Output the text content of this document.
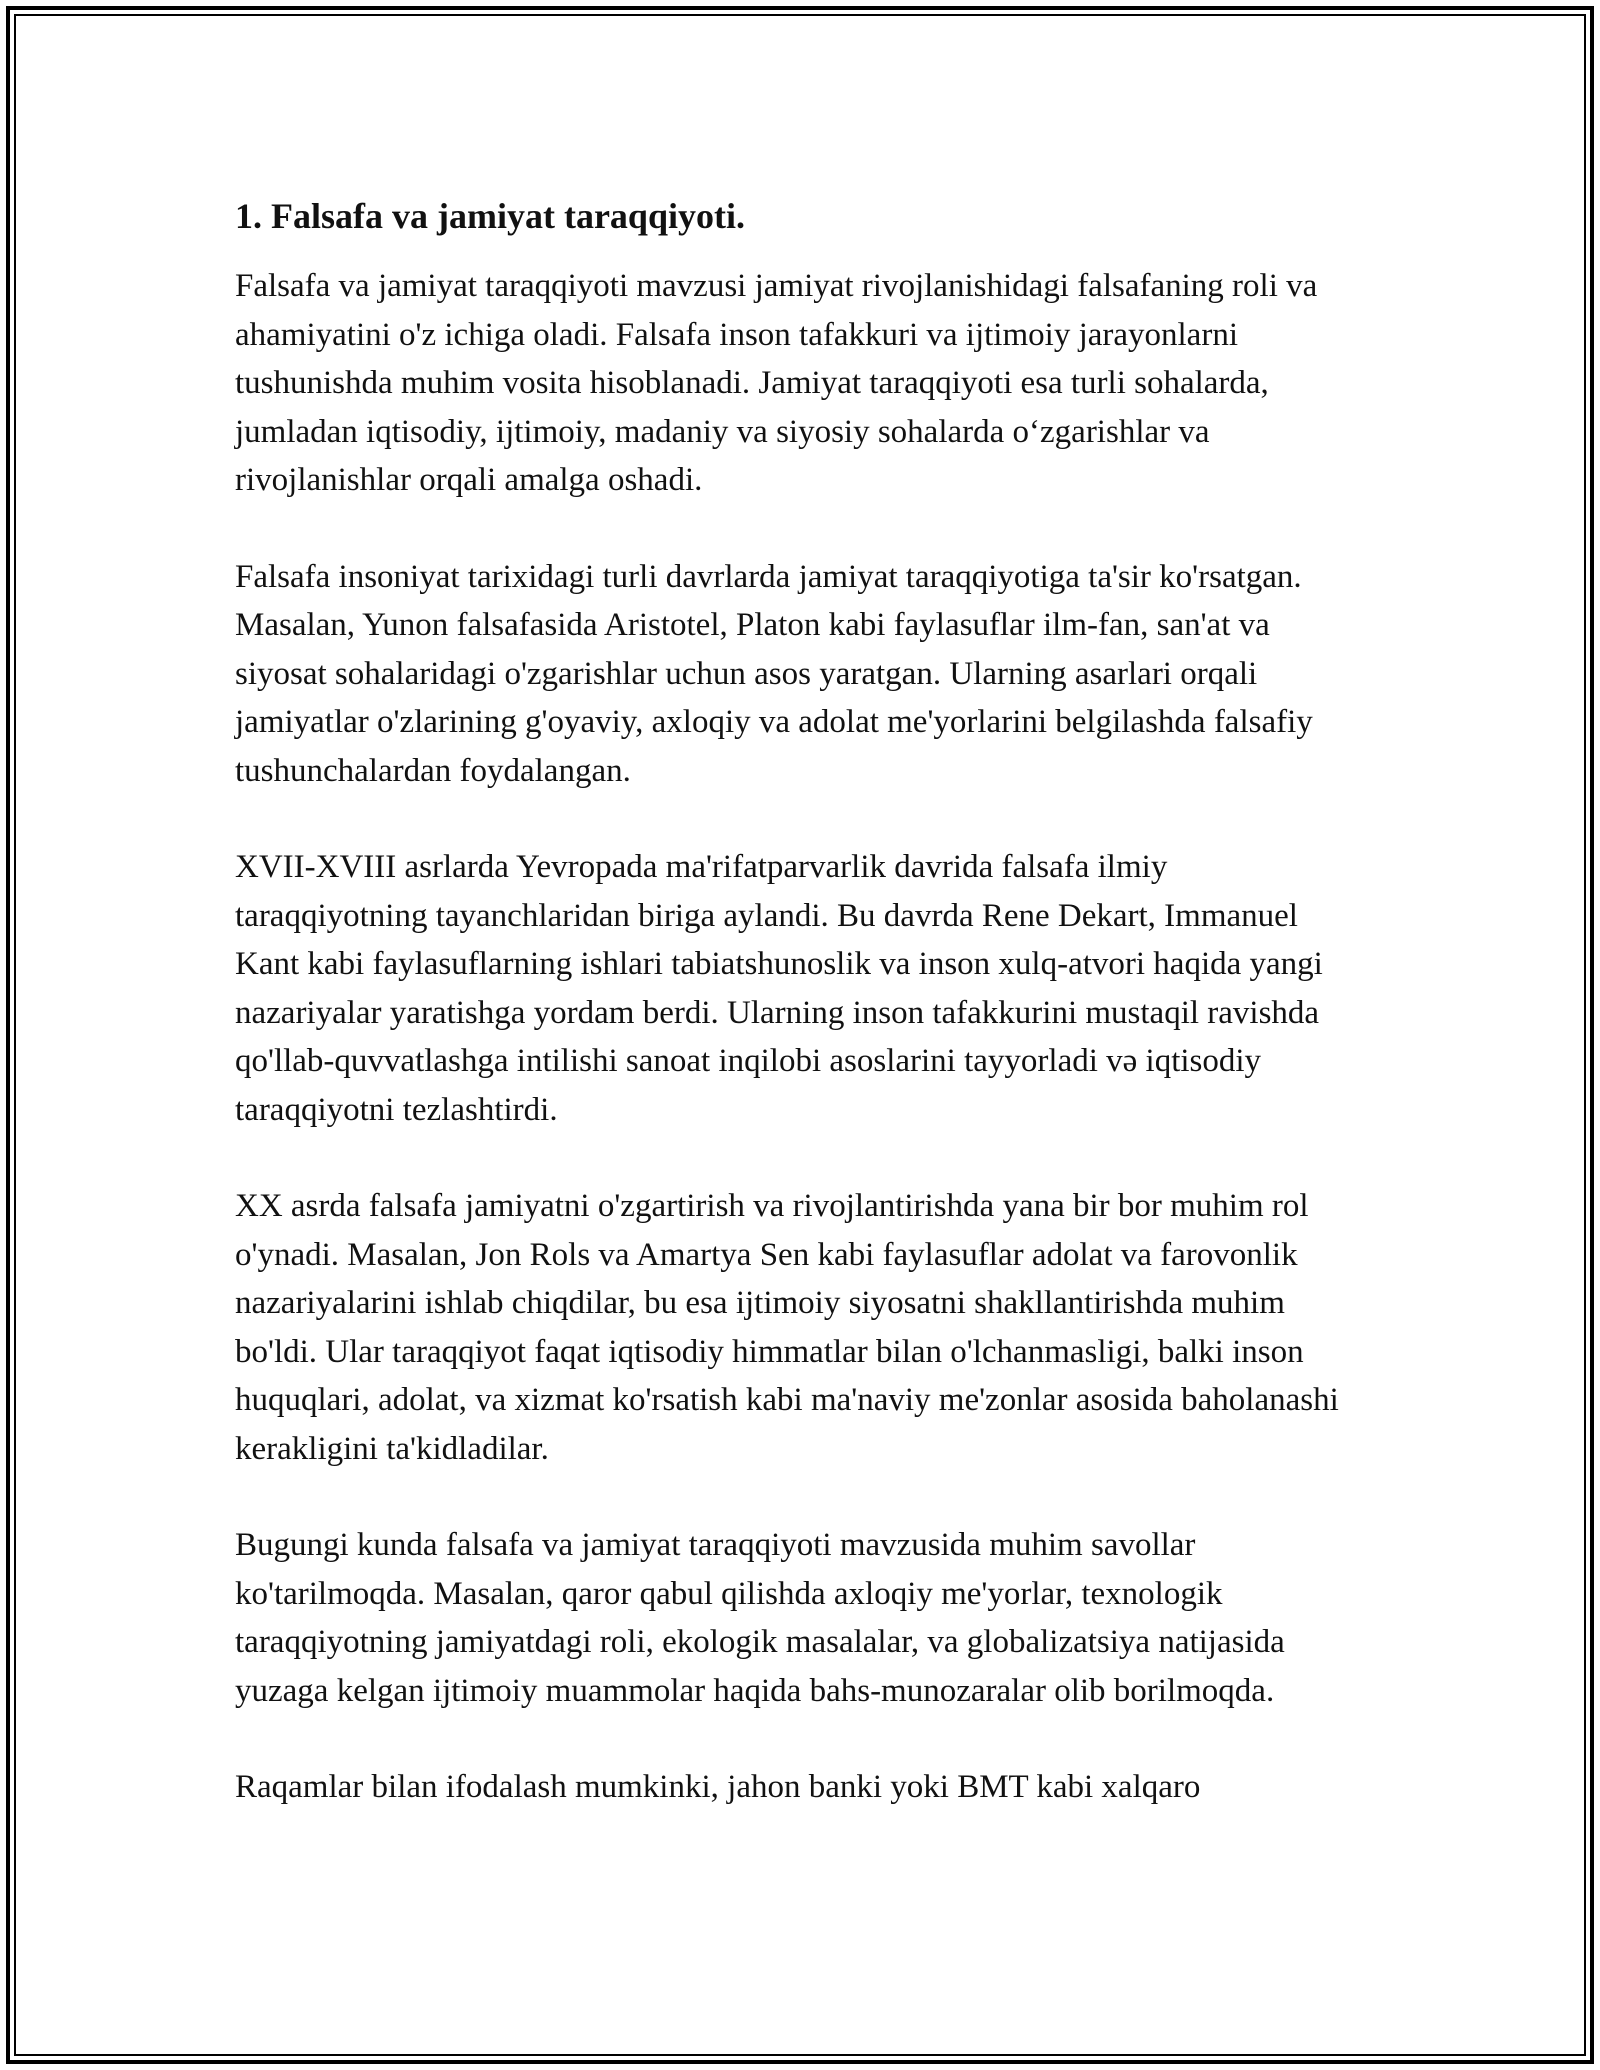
1. Falsafa va jamiyat taraqqiyoti.

Falsafa va jamiyat taraqqiyoti mavzusi jamiyat rivojlanishidagi falsafaning roli va ahamiyatini o'z ichiga oladi. Falsafa inson tafakkuri va ijtimoiy jarayonlarni tushunishda muhim vosita hisoblanadi. Jamiyat taraqqiyoti esa turli sohalarda, jumladan iqtisodiy, ijtimoiy, madaniy va siyosiy sohalarda o‘zgarishlar va rivojlanishlar orqali amalga oshadi.

Falsafa insoniyat tarixidagi turli davrlarda jamiyat taraqqiyotiga ta'sir ko'rsatgan. Masalan, Yunon falsafasida Aristotel, Platon kabi faylasuflar ilm-fan, san'at va siyosat sohalaridagi o'zgarishlar uchun asos yaratgan. Ularning asarlari orqali jamiyatlar o'zlarining g'oyaviy, axloqiy va adolat me'yorlarini belgilashda falsafiy tushunchalardan foydalangan.

XVII-XVIII asrlarda Yevropada ma'rifatparvarlik davrida falsafa ilmiy taraqqiyotning tayanchlaridan biriga aylandi. Bu davrda Rene Dekart, Immanuel Kant kabi faylasuflarning ishlari tabiatshunoslik va inson xulq-atvori haqida yangi nazariyalar yaratishga yordam berdi. Ularning inson tafakkurini mustaqil ravishda qo'llab-quvvatlashga intilishi sanoat inqilobi asoslarini tayyorladi və iqtisodiy taraqqiyotni tezlashtirdi.

XX asrda falsafa jamiyatni o'zgartirish va rivojlantirishda yana bir bor muhim rol o'ynadi. Masalan, Jon Rols va Amartya Sen kabi faylasuflar adolat va farovonlik nazariyalarini ishlab chiqdilar, bu esa ijtimoiy siyosatni shakllantirishda muhim bo'ldi. Ular taraqqiyot faqat iqtisodiy himmatlar bilan o'lchanmasligi, balki inson huquqlari, adolat, va xizmat ko'rsatish kabi ma'naviy me'zonlar asosida baholanashi kerakligini ta'kidladilar.

Bugungi kunda falsafa va jamiyat taraqqiyoti mavzusida muhim savollar ko'tarilmoqda. Masalan, qaror qabul qilishda axloqiy me'yorlar, texnologik taraqqiyotning jamiyatdagi roli, ekologik masalalar, va globalizatsiya natijasida yuzaga kelgan ijtimoiy muammolar haqida bahs-munozaralar olib borilmoqda.

Raqamlar bilan ifodalash mumkinki, jahon banki yoki BMT kabi xalqaro
